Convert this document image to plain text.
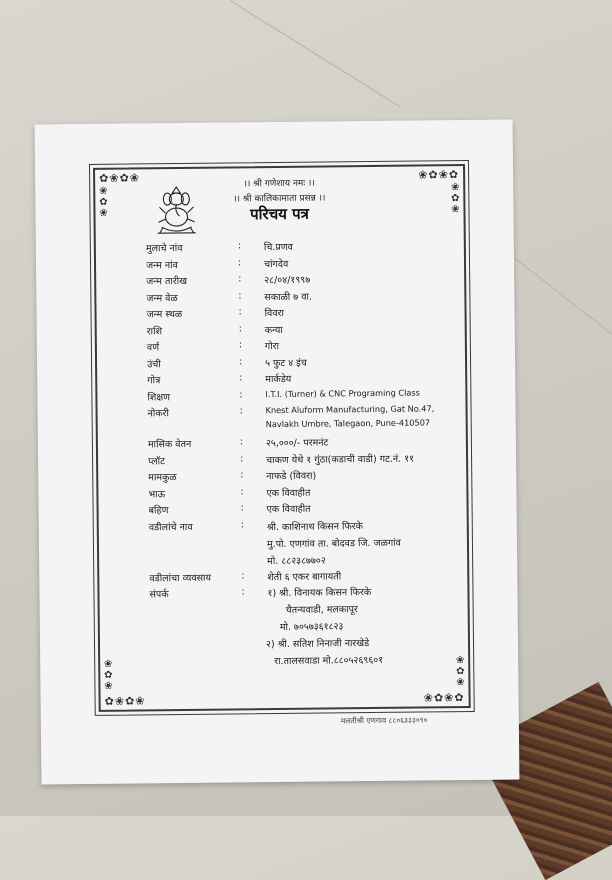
✿❀✿❀	❀✿❀✿
❀
✿
❀
❀
✿
❀
❀
✿
❀
❀
✿
❀
✿❀✿❀	❀✿❀✿
।। श्री गणेशाय नमः ।।
।। श्री कालिकामाता प्रसन्न ।।
परिचय पत्र
मुलाचे नांव	:	चि.प्रणव
जन्म नांव	:	चांगदेव
जन्म तारीख	:	२८/०४/१९९७
जन्म वेळ	:	सकाळी ७ वा.
जन्म स्थळ	:	विवरा
राशि	:	कन्या
वर्ण	:	गोरा
उंची	:	५ फुट ४ इंच
गोत्र	:	मार्कडेय
शिक्षण	:	I.T.I. (Turner) & CNC Programing Class
नोकरी	:	Knest Aluform Manufacturing, Gat No.47,
Navlakh Umbre, Talegaon, Pune-410507
मासिक वेतन	:	२५,०००/- परमनंट
प्लॉट	:	चाकण येथे १ गुंठा(कडाची वाडी) गट.नं. ११
मामकुळ	:	नाफडे (विवरा)
भाऊ	:	एक विवाहीत
बहिण	:	एक विवाहीत
वडीलांचे नाव	:	श्री. काशिनाथ किसन फिरके
मु.पो. एणगांव ता. बोदवड जि. जळगांव
मो. ८८२३८७७०२
वडीलांचा व्यवसाय	:	शेती ६ एकर बागायती
संपर्क	:	१) श्री. विनायक किसन फिरके
चैतन्यवाडी, मलकापूर
मो. ७०५७३६१८२३
२) श्री. सतिश निनाजी नारखेडे
रा.तालसवाडा मो.८८०५२६९६०१
मलतीश्री एणगाव ८८०६३३३०९०
